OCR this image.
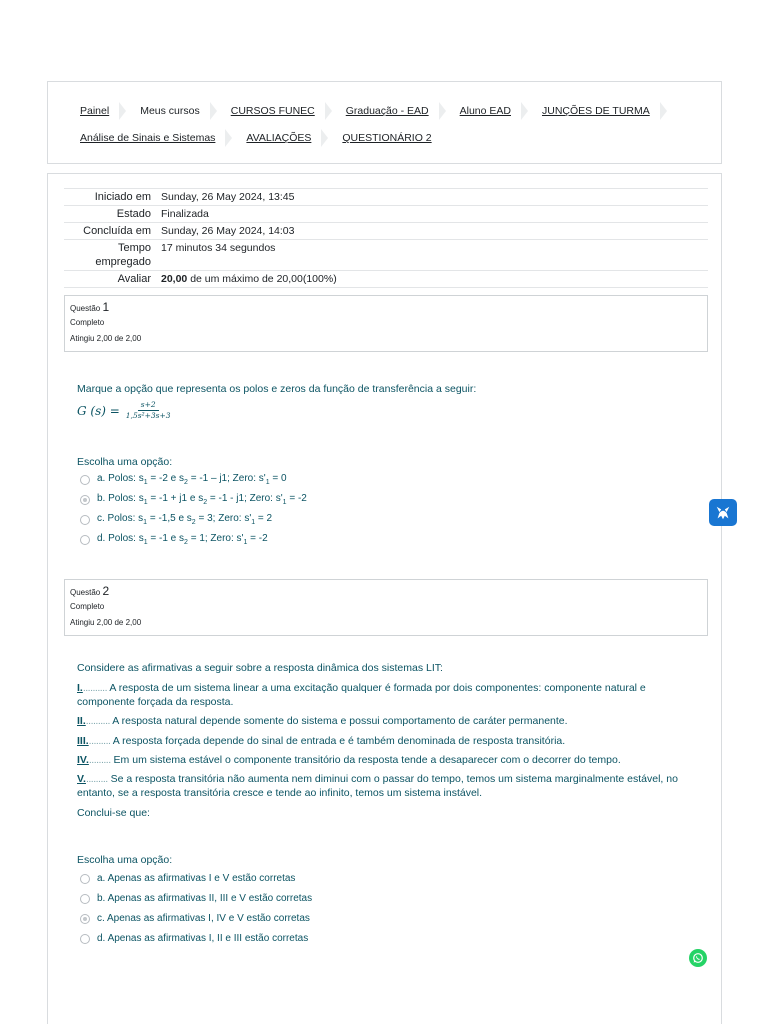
Painel	Meus cursos	CURSOS FUNEC	Graduação - EAD	Aluno EAD	JUNÇÕES DE TURMA
Análise de Sinais e Sistemas	AVALIAÇÕES	QUESTIONÁRIO 2
Iniciado em	Sunday, 26 May 2024, 13:45
Estado	Finalizada
Concluída em	Sunday, 26 May 2024, 14:03
Tempo empregado	17 minutos 34 segundos
Avaliar	20,00 de um máximo de 20,00(100%)
Questão 1
Completo
Atingiu 2,00 de 2,00

Marque a opção que representa os polos e zeros da função de transferência a seguir:

G $(s) = \frac{s+2}{\text{1,5s²+3s+3}}$
Escolha uma opção:
a. Polos: $s_1 = -2$ e $s_2 = -1 - j1$; Zero: $s'_1 = 0$
b. Polos: $s_1 = -1 + j1$ e $s_2 = -1 - j1$; Zero: $s'_1 = -2$
c. Polos: $s_1 = -1,5$ e $s_2 = 3$; Zero: $s'_1 = 2$
d. Polos: $s_1 = -1$ e $s_2 = 1$; Zero: $s'_1 = -2$
Questão 2
Completo
Atingiu 2,00 de 2,00

Considere as afirmativas a seguir sobre a resposta dinâmica dos sistemas LIT:

I........... A resposta de um sistema linear a uma excitação qualquer é formada por dois componentes: componente natural e componente forçada da resposta.

II........... A resposta natural depende somente do sistema e possui comportamento de caráter permanente.

III.......... A resposta forçada depende do sinal de entrada e é também denominada de resposta transitória.

IV.......... Em um sistema estável o componente transitório da resposta tende a desaparecer com o decorrer do tempo.

V.......... Se a resposta transitória não aumenta nem diminui com o passar do tempo, temos um sistema marginalmente estável, no entanto, se a resposta transitória cresce e tende ao infinito, temos um sistema instável.

Conclui-se que:

Escolha uma opção:
a. Apenas as afirmativas I e V estão corretas
b. Apenas as afirmativas II, III e V estão corretas
c. Apenas as afirmativas I, IV e V estão corretas
d. Apenas as afirmativas I, II e III estão corretas
